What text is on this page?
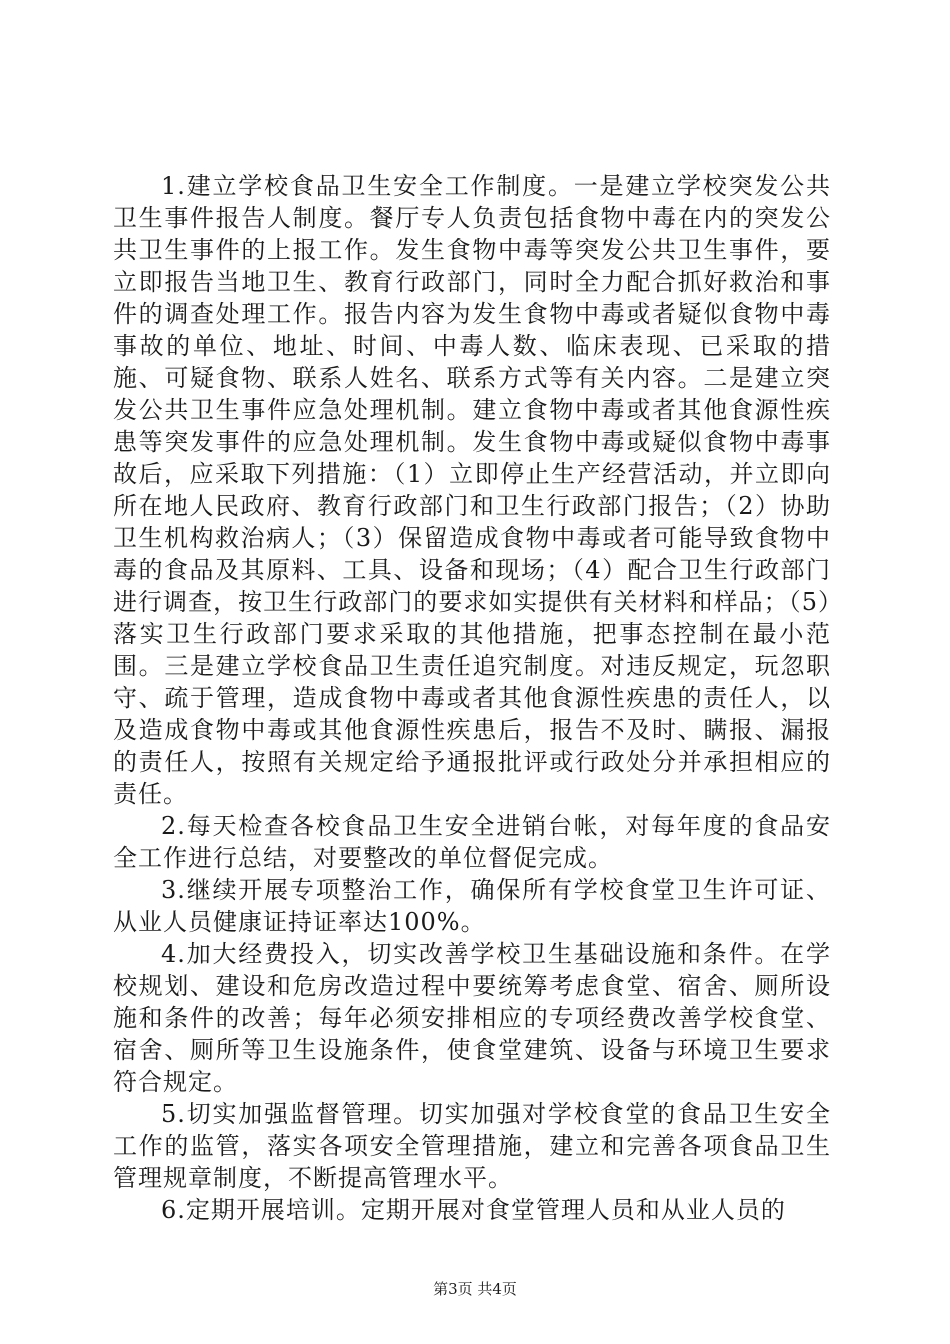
1.建立学校食品卫生安全工作制度。一是建立学校突发公共卫生事件报告人制度。餐厅专人负责包括食物中毒在内的突发公共卫生事件的上报工作。发生食物中毒等突发公共卫生事件，要立即报告当地卫生、教育行政部门，同时全力配合抓好救治和事件的调查处理工作。报告内容为发生食物中毒或者疑似食物中毒事故的单位、地址、时间、中毒人数、临床表现、已采取的措施、可疑食物、联系人姓名、联系方式等有关内容。二是建立突发公共卫生事件应急处理机制。建立食物中毒或者其他食源性疾患等突发事件的应急处理机制。发生食物中毒或疑似食物中毒事故后，应采取下列措施：（1）立即停止生产经营活动，并立即向所在地人民政府、教育行政部门和卫生行政部门报告；（2）协助卫生机构救治病人；（3）保留造成食物中毒或者可能导致食物中毒的食品及其原料、工具、设备和现场；（4）配合卫生行政部门进行调查，按卫生行政部门的要求如实提供有关材料和样品；（5）落实卫生行政部门要求采取的其他措施，把事态控制在最小范围。三是建立学校食品卫生责任追究制度。对违反规定，玩忽职守、疏于管理，造成食物中毒或者其他食源性疾患的责任人，以及造成食物中毒或其他食源性疾患后，报告不及时、瞒报、漏报的责任人，按照有关规定给予通报批评或行政处分并承担相应的责任。

2.每天检查各校食品卫生安全进销台帐，对每年度的食品安全工作进行总结，对要整改的单位督促完成。

3.继续开展专项整治工作，确保所有学校食堂卫生许可证、从业人员健康证持证率达100%。

4.加大经费投入，切实改善学校卫生基础设施和条件。在学校规划、建设和危房改造过程中要统筹考虑食堂、宿舍、厕所设施和条件的改善；每年必须安排相应的专项经费改善学校食堂、宿舍、厕所等卫生设施条件，使食堂建筑、设备与环境卫生要求符合规定。

5.切实加强监督管理。切实加强对学校食堂的食品卫生安全工作的监管，落实各项安全管理措施，建立和完善各项食品卫生管理规章制度，不断提高管理水平。

6.定期开展培训。定期开展对食堂管理人员和从业人员的

第3页 共4页
